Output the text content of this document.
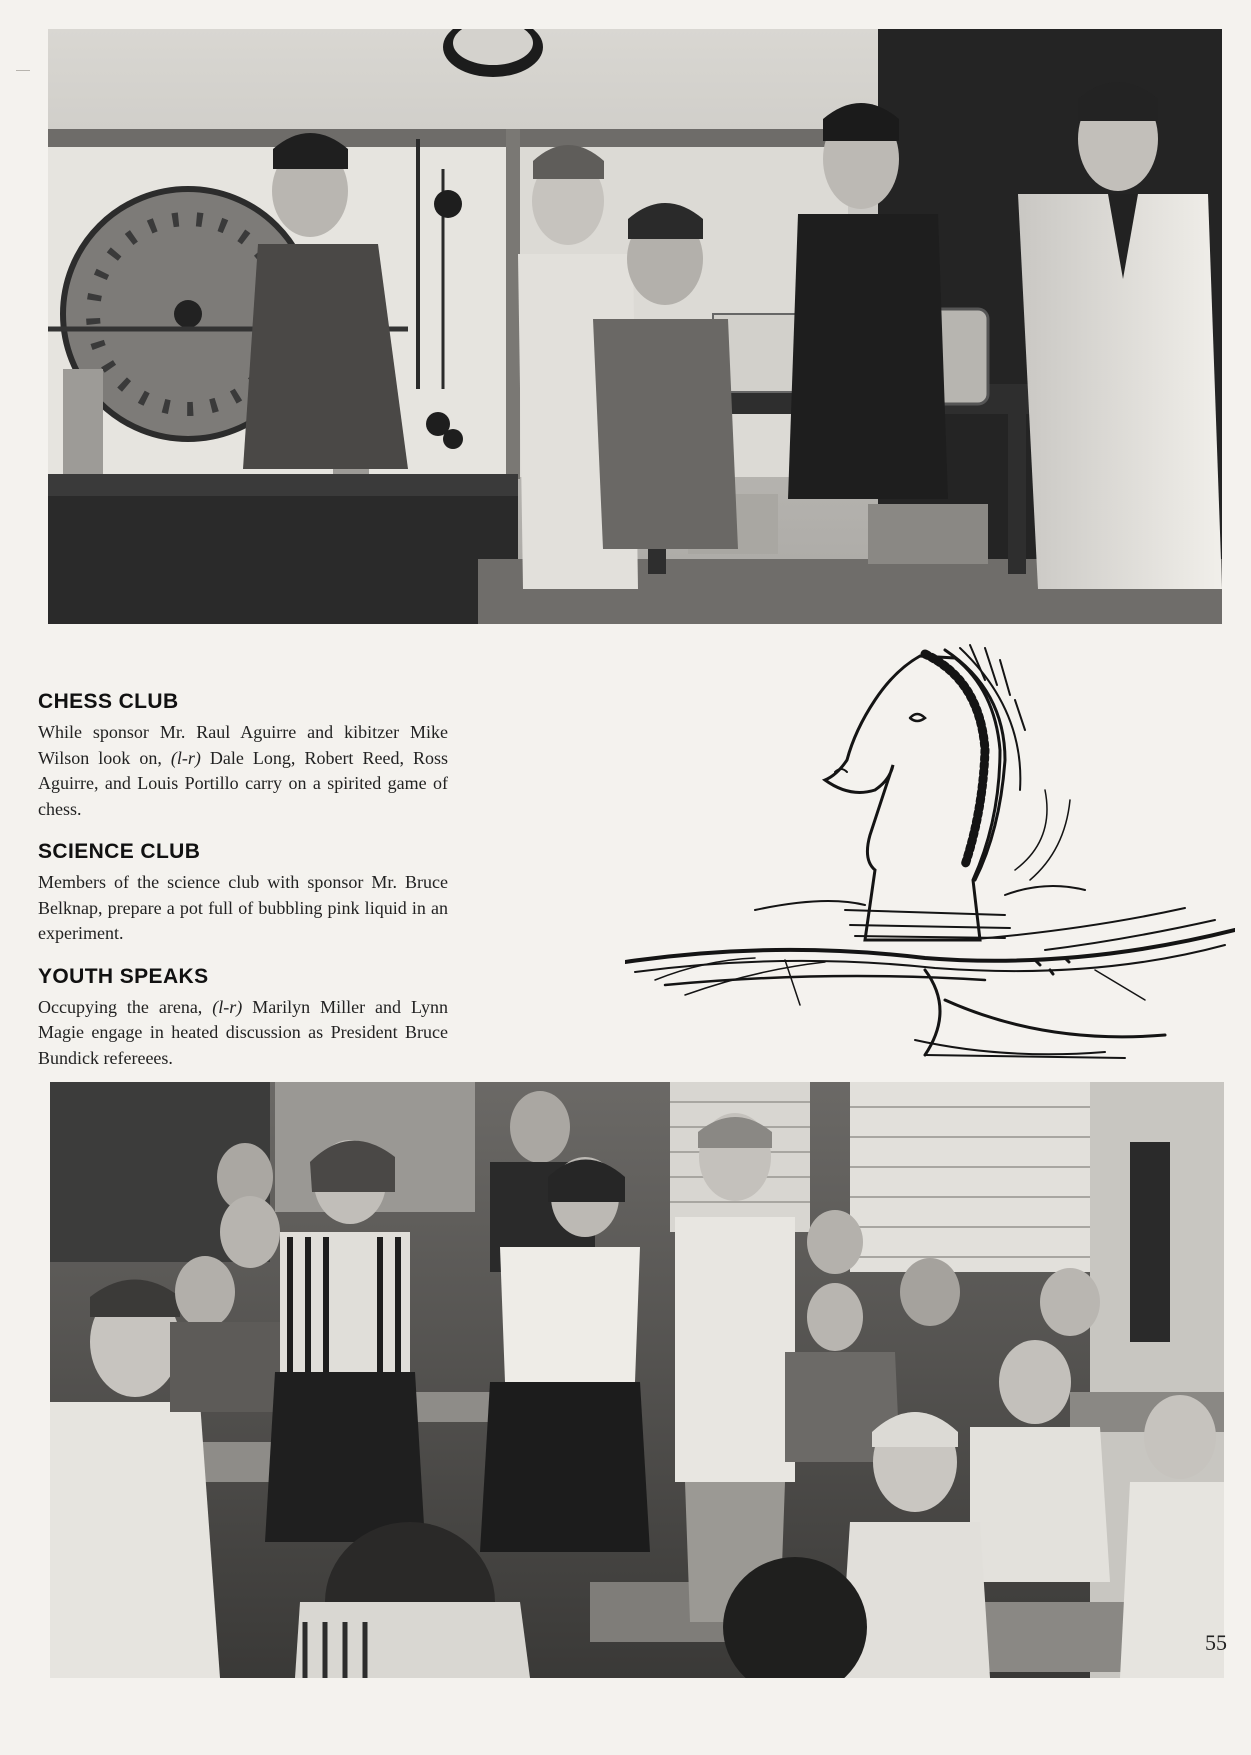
CHESS CLUB

While sponsor Mr. Raul Aguirre and kibitzer Mike Wilson look on, (l-r) Dale Long, Robert Reed, Ross Aguirre, and Louis Portillo carry on a spirited game of chess.

SCIENCE CLUB

Members of the science club with sponsor Mr. Bruce Belknap, prepare a pot full of bubbling pink liquid in an experiment.

YOUTH SPEAKS

Occupying the arena, (l-r) Marilyn Miller and Lynn Magie engage in heated discussion as President Bruce Bundick refereees.

55
